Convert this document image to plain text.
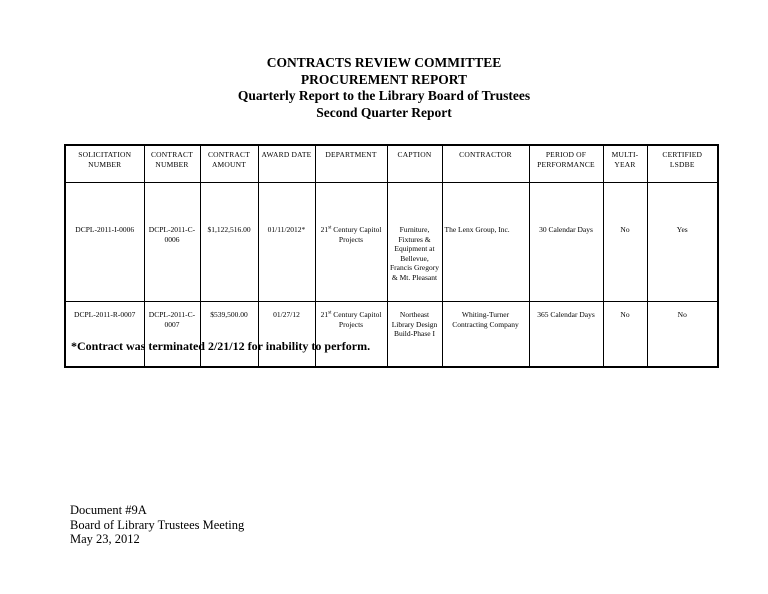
CONTRACTS REVIEW COMMITTEE
PROCUREMENT REPORT
Quarterly Report to the Library Board of Trustees
Second Quarter Report
SOLICITATION NUMBER	CONTRACT NUMBER	CONTRACT AMOUNT	AWARD DATE	DEPARTMENT	CAPTION	CONTRACTOR	PERIOD OF PERFORMANCE	MULTI-YEAR	CERTIFIED LSDBE
DCPL-2011-I-0006	DCPL-2011-C-0006	$1,122,516.00	01/11/2012*	21st Century Capitol Projects	Furniture, Fixtures & Equipment at Bellevue, Francis Gregory & Mt. Pleasant	The Lenx Group, Inc.	30 Calendar Days	No	Yes
DCPL-2011-R-0007	DCPL-2011-C-0007	$539,500.00	01/27/12	21st Century Capitol Projects	Northeast Library Design Build-Phase I	Whiting-Turner Contracting Company	365 Calendar Days	No	No
*Contract was terminated 2/21/12 for inability to perform.
Document #9A
Board of Library Trustees Meeting
May 23, 2012
